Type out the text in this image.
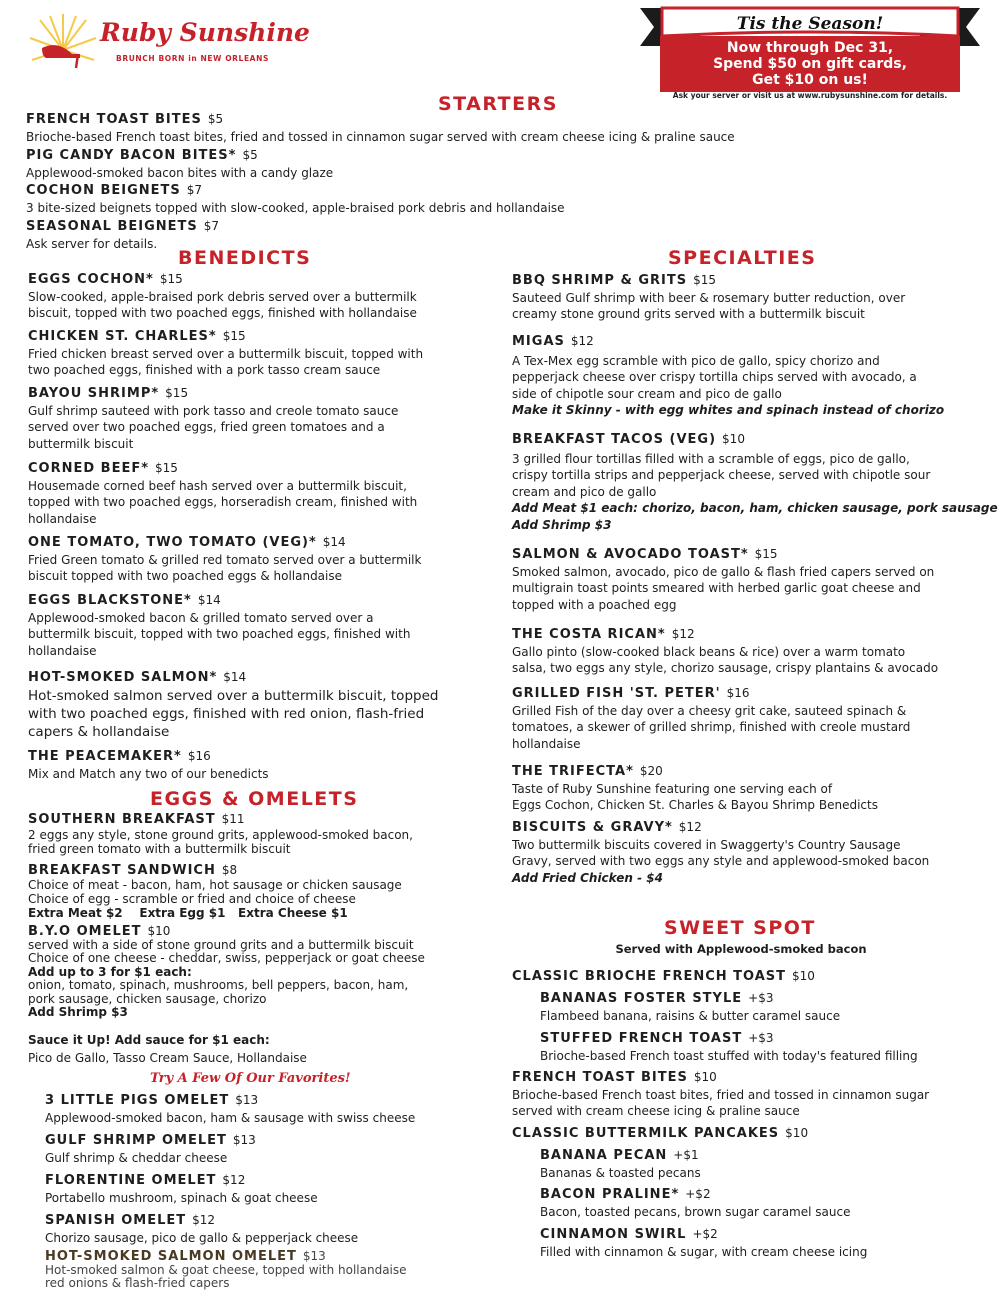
Ruby Sunshine
BRUNCH BORN in NEW ORLEANS
Tis the Season!
Now through Dec 31,
Spend $50 on gift cards,
Get $10 on us!
Ask your server or visit us at www.rubysunshine.com for details.
STARTERS
FRENCH TOAST BITES $5
Brioche-based French toast bites, fried and tossed in cinnamon sugar served with cream cheese icing & praline sauce
PIG CANDY BACON BITES* $5
Applewood-smoked bacon bites with a candy glaze
COCHON BEIGNETS $7
3 bite-sized beignets topped with slow-cooked, apple-braised pork debris and hollandaise
SEASONAL BEIGNETS $7
Ask server for details.
BENEDICTS
EGGS COCHON* $15
Slow-cooked, apple-braised pork debris served over a buttermilk
biscuit, topped with two poached eggs, finished with hollandaise
CHICKEN ST. CHARLES* $15
Fried chicken breast served over a buttermilk biscuit, topped with
two poached eggs, finished with a pork tasso cream sauce
BAYOU SHRIMP* $15
Gulf shrimp sauteed with pork tasso and creole tomato sauce
served over two poached eggs, fried green tomatoes and a
buttermilk biscuit
CORNED BEEF* $15
Housemade corned beef hash served over a buttermilk biscuit,
topped with two poached eggs, horseradish cream, finished with
hollandaise
ONE TOMATO, TWO TOMATO (VEG)* $14
Fried Green tomato & grilled red tomato served over a buttermilk
biscuit topped with two poached eggs & hollandaise
EGGS BLACKSTONE* $14
Applewood-smoked bacon & grilled tomato served over a
buttermilk biscuit, topped with two poached eggs, finished with
hollandaise
HOT-SMOKED SALMON* $14
Hot-smoked salmon served over a buttermilk biscuit, topped
with two poached eggs, finished with red onion, flash-fried
capers & hollandaise
THE PEACEMAKER* $16
Mix and Match any two of our benedicts
EGGS & OMELETS
SOUTHERN BREAKFAST $11
2 eggs any style, stone ground grits, applewood-smoked bacon,
fried green tomato with a buttermilk biscuit
BREAKFAST SANDWICH $8
Choice of meat - bacon, ham, hot sausage or chicken sausage
Choice of egg - scramble or fried and choice of cheese
Extra Meat $2    Extra Egg $1   Extra Cheese $1
B.Y.O OMELET $10
served with a side of stone ground grits and a buttermilk biscuit
Choice of one cheese - cheddar, swiss, pepperjack or goat cheese
Add up to 3 for $1 each:
onion, tomato, spinach, mushrooms, bell peppers, bacon, ham,
pork sausage, chicken sausage, chorizo
Add Shrimp $3
Sauce it Up! Add sauce for $1 each:
Pico de Gallo, Tasso Cream Sauce, Hollandaise
Try A Few Of Our Favorites!
3 LITTLE PIGS OMELET $13
Applewood-smoked bacon, ham & sausage with swiss cheese
GULF SHRIMP OMELET $13
Gulf shrimp & cheddar cheese
FLORENTINE OMELET $12
Portabello mushroom, spinach & goat cheese
SPANISH OMELET $12
Chorizo sausage, pico de gallo & pepperjack cheese
HOT-SMOKED SALMON OMELET $13
Hot-smoked salmon & goat cheese, topped with hollandaise
red onions & flash-fried capers
SPECIALTIES
BBQ SHRIMP & GRITS $15
Sauteed Gulf shrimp with beer & rosemary butter reduction, over
creamy stone ground grits served with a buttermilk biscuit
MIGAS $12
A Tex-Mex egg scramble with pico de gallo, spicy chorizo and
pepperjack cheese over crispy tortilla chips served with avocado, a
side of chipotle sour cream and pico de gallo
Make it Skinny - with egg whites and spinach instead of chorizo
BREAKFAST TACOS (VEG) $10
3 grilled flour tortillas filled with a scramble of eggs, pico de gallo,
crispy tortilla strips and pepperjack cheese, served with chipotle sour
cream and pico de gallo
Add Meat $1 each: chorizo, bacon, ham, chicken sausage, pork sausage
Add Shrimp $3
SALMON & AVOCADO TOAST* $15
Smoked salmon, avocado, pico de gallo & flash fried capers served on
multigrain toast points smeared with herbed garlic goat cheese and
topped with a poached egg
THE COSTA RICAN* $12
Gallo pinto (slow-cooked black beans & rice) over a warm tomato
salsa, two eggs any style, chorizo sausage, crispy plantains & avocado
GRILLED FISH 'ST. PETER' $16
Grilled Fish of the day over a cheesy grit cake, sauteed spinach &
tomatoes, a skewer of grilled shrimp, finished with creole mustard
hollandaise
THE TRIFECTA* $20
Taste of Ruby Sunshine featuring one serving each of
Eggs Cochon, Chicken St. Charles & Bayou Shrimp Benedicts
BISCUITS & GRAVY* $12
Two buttermilk biscuits covered in Swaggerty's Country Sausage
Gravy, served with two eggs any style and applewood-smoked bacon
Add Fried Chicken - $4
SWEET SPOT
Served with Applewood-smoked bacon
CLASSIC BRIOCHE FRENCH TOAST $10
BANANAS FOSTER STYLE +$3
Flambeed banana, raisins & butter caramel sauce
STUFFED FRENCH TOAST +$3
Brioche-based French toast stuffed with today's featured filling
FRENCH TOAST BITES $10
Brioche-based French toast bites, fried and tossed in cinnamon sugar
served with cream cheese icing & praline sauce
CLASSIC BUTTERMILK PANCAKES $10
BANANA PECAN +$1
Bananas & toasted pecans
BACON PRALINE* +$2
Bacon, toasted pecans, brown sugar caramel sauce
CINNAMON SWIRL +$2
Filled with cinnamon & sugar, with cream cheese icing
